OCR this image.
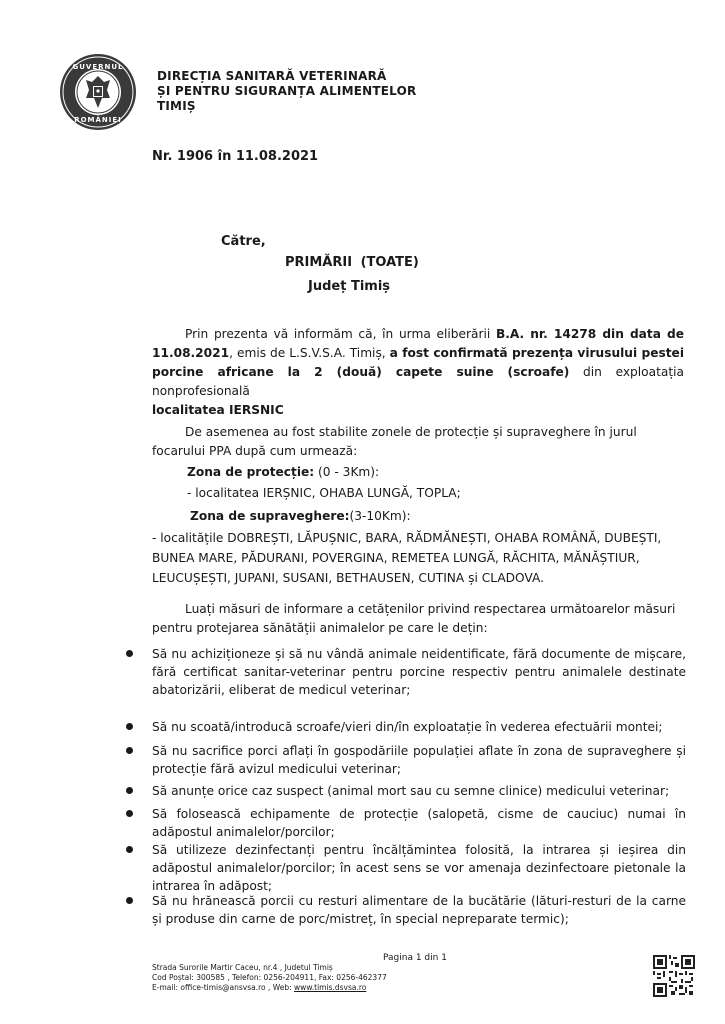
GUVERNUL
ROMÂNIEI
DIRECȚIA SANITARĂ VETERINARĂ
ȘI PENTRU SIGURANȚA ALIMENTELOR
TIMIȘ
Nr. 1906 în 11.08.2021
Către,
PRIMĂRII (TOATE)
Județ Timiș
Prin prezenta vă informăm că, în urma eliberării B.A. nr. 14278 din data de 11.08.2021, emis de L.S.V.S.A. Timiș, a fost confirmată prezența virusului pestei porcine africane la 2 (două) capete suine (scroafe) din exploatația nonprofesională
localitatea IERSNIC
De asemenea au fost stabilite zonele de protecție și supraveghere în jurul focarului PPA după cum urmează:
Zona de protecție: (0 - 3Km):
- localitatea IERȘNIC, OHABA LUNGĂ, TOPLA;
Zona de supraveghere:(3-10Km):
- localitățile DOBREȘTI, LĂPUȘNIC, BARA, RĂDMĂNEȘTI, OHABA ROMÂNĂ, DUBEȘTI, BUNEA MARE, PĂDURANI, POVERGINA, REMETEA LUNGĂ, RĂCHITA, MĂNĂȘTIUR, LEUCUȘEȘTI, JUPANI, SUSANI, BETHAUSEN, CUTINA și CLADOVA.
Luați măsuri de informare a cetățenilor privind respectarea următoarelor măsuri pentru protejarea sănătății animalelor pe care le dețin:
Să nu achiziționeze și să nu vândă animale neidentificate, fără documente de mișcare, fără certificat sanitar-veterinar pentru porcine respectiv pentru animalele destinate abatorizării, eliberat de medicul veterinar;
Să nu scoată/introducă scroafe/vieri din/în exploatație în vederea efectuării montei;
Să nu sacrifice porci aflați în gospodăriile populației aflate în zona de supraveghere și protecție fără avizul medicului veterinar;
Să anunțe orice caz suspect (animal mort sau cu semne clinice) medicului veterinar;
Să folosească echipamente de protecție (salopetă, cisme de cauciuc) numai în adăpostul animalelor/porcilor;
Să utilizeze dezinfectanți pentru încălțămintea folosită, la intrarea și ieșirea din adăpostul animalelor/porcilor; în acest sens se vor amenaja dezinfectoare pietonale la intrarea în adăpost;
Să nu hrănească porcii cu resturi alimentare de la bucătărie (lături-resturi de la carne și produse din carne de porc/mistreț, în special nepreparate termic);
Pagina 1 din 1
Strada Surorile Martir Caceu, nr.4 , Judetul Timiș
Cod Poștal: 300585 , Telefon: 0256-204911, Fax: 0256-462377
E-mail: office-timis@ansvsa.ro , Web: www.timis.dsvsa.ro
